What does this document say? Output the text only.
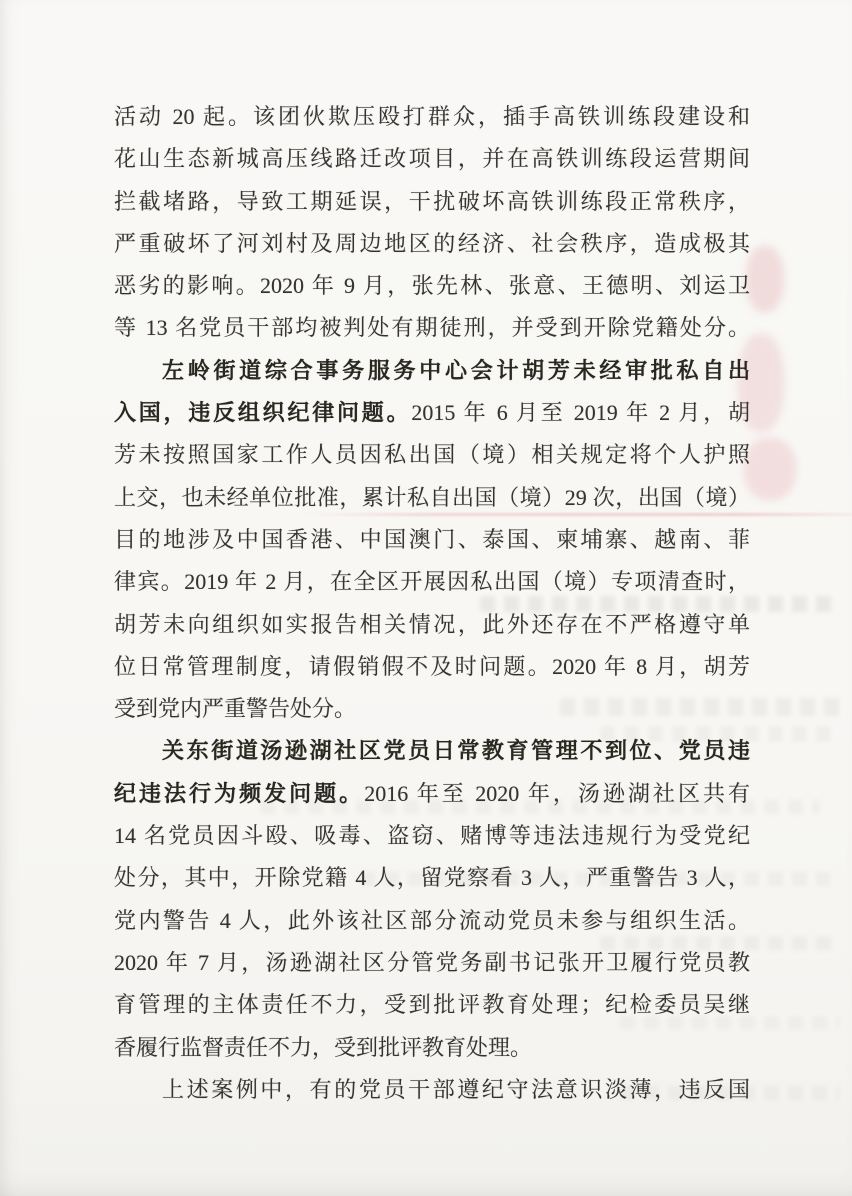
活动 20 起。该团伙欺压殴打群众，插手高铁训练段建设和
花山生态新城高压线路迁改项目，并在高铁训练段运营期间
拦截堵路，导致工期延误，干扰破坏高铁训练段正常秩序，
严重破坏了河刘村及周边地区的经济、社会秩序，造成极其
恶劣的影响。2020 年 9 月，张先林、张意、王德明、刘运卫
等 13 名党员干部均被判处有期徒刑，并受到开除党籍处分。
左岭街道综合事务服务中心会计胡芳未经审批私自出
入国，违反组织纪律问题。2015 年 6 月至 2019 年 2 月，胡
芳未按照国家工作人员因私出国（境）相关规定将个人护照
上交，也未经单位批准，累计私自出国（境）29 次，出国（境）
目的地涉及中国香港、中国澳门、泰国、柬埔寨、越南、菲
律宾。2019 年 2 月，在全区开展因私出国（境）专项清查时，
胡芳未向组织如实报告相关情况，此外还存在不严格遵守单
位日常管理制度，请假销假不及时问题。2020 年 8 月，胡芳
受到党内严重警告处分。
关东街道汤逊湖社区党员日常教育管理不到位、党员违
纪违法行为频发问题。2016 年至 2020 年，汤逊湖社区共有
14 名党员因斗殴、吸毒、盗窃、赌博等违法违规行为受党纪
处分，其中，开除党籍 4 人，留党察看 3 人，严重警告 3 人，
党内警告 4 人，此外该社区部分流动党员未参与组织生活。
2020 年 7 月，汤逊湖社区分管党务副书记张开卫履行党员教
育管理的主体责任不力，受到批评教育处理；纪检委员吴继
香履行监督责任不力，受到批评教育处理。
上述案例中，有的党员干部遵纪守法意识淡薄，违反国
